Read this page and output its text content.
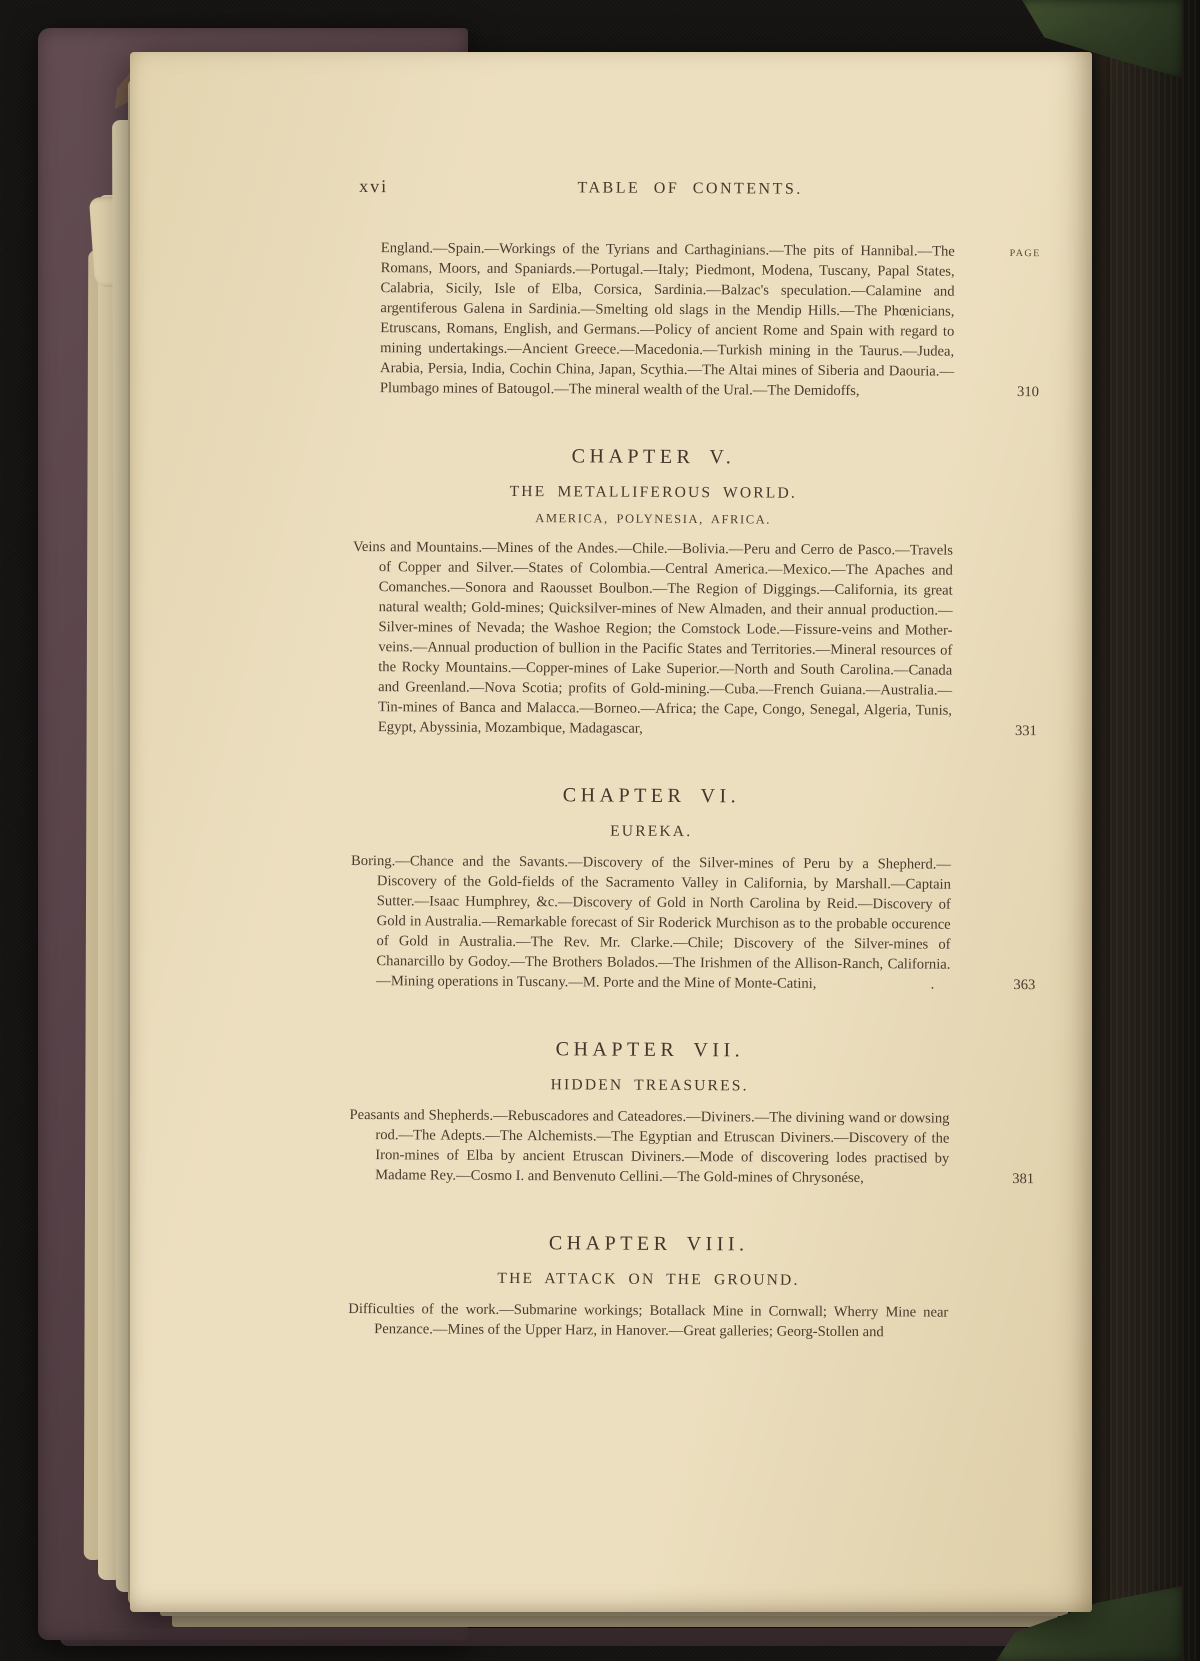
xvi	TABLE OF CONTENTS.
PAGE
England.—Spain.—Workings of the Tyrians and Carthaginians.—The pits of Hannibal.—The Romans, Moors, and Spaniards.—Portugal.—Italy; Piedmont, Modena, Tuscany, Papal States, Calabria, Sicily, Isle of Elba, Corsica, Sardinia.—Balzac's speculation.—Calamine and argentiferous Galena in Sardinia.—Smelting old slags in the Mendip Hills.—The Phœnicians, Etruscans, Romans, English, and Germans.—Policy of ancient Rome and Spain with regard to mining undertakings.—Ancient Greece.—Macedonia.—Turkish mining in the Taurus.—Judea, Arabia, Persia, India, Cochin China, Japan, Scythia.—The Altai mines of Siberia and Daouria.—Plumbago mines of Batougol.—The mineral wealth of the Ural.—The Demidoffs,	310
CHAPTER V.
THE METALLIFEROUS WORLD.
AMERICA, POLYNESIA, AFRICA.
Veins and Mountains.—Mines of the Andes.—Chile.—Bolivia.—Peru and Cerro de Pasco.—Travels of Copper and Silver.—States of Colombia.—Central America.—Mexico.—The Apaches and Comanches.—Sonora and Raousset Boulbon.—The Region of Diggings.—California, its great natural wealth; Gold-mines; Quicksilver-mines of New Almaden, and their annual production.—Silver-mines of Nevada; the Washoe Region; the Comstock Lode.—Fissure-veins and Mother-veins.—Annual production of bullion in the Pacific States and Territories.—Mineral resources of the Rocky Mountains.—Copper-mines of Lake Superior.—North and South Carolina.—Canada and Greenland.—Nova Scotia; profits of Gold-mining.—Cuba.—French Guiana.—Australia.—Tin-mines of Banca and Malacca.—Borneo.—Africa; the Cape, Congo, Senegal, Algeria, Tunis, Egypt, Abyssinia, Mozambique, Madagascar,	331
CHAPTER VI.
EUREKA.
Boring.—Chance and the Savants.—Discovery of the Silver-mines of Peru by a Shepherd.—Discovery of the Gold-fields of the Sacramento Valley in California, by Marshall.—Captain Sutter.—Isaac Humphrey, &c.—Discovery of Gold in North Carolina by Reid.—Discovery of Gold in Australia.—Remarkable forecast of Sir Roderick Murchison as to the probable occurence of Gold in Australia.—The Rev. Mr. Clarke.—Chile; Discovery of the Silver-mines of Chanarcillo by Godoy.—The Brothers Bolados.—The Irishmen of the Allison-Ranch, California.—Mining operations in Tuscany.—M. Porte and the Mine of Monte-Catini,	.	363
CHAPTER VII.
HIDDEN TREASURES.
Peasants and Shepherds.—Rebuscadores and Cateadores.—Diviners.—The divining wand or dowsing rod.—The Adepts.—The Alchemists.—The Egyptian and Etruscan Diviners.—Discovery of the Iron-mines of Elba by ancient Etruscan Diviners.—Mode of discovering lodes practised by Madame Rey.—Cosmo I. and Benvenuto Cellini.—The Gold-mines of Chrysonése,	381
CHAPTER VIII.
THE ATTACK ON THE GROUND.
Difficulties of the work.—Submarine workings; Botallack Mine in Cornwall; Wherry Mine near Penzance.—Mines of the Upper Harz, in Hanover.—Great galleries; Georg-Stollen and
